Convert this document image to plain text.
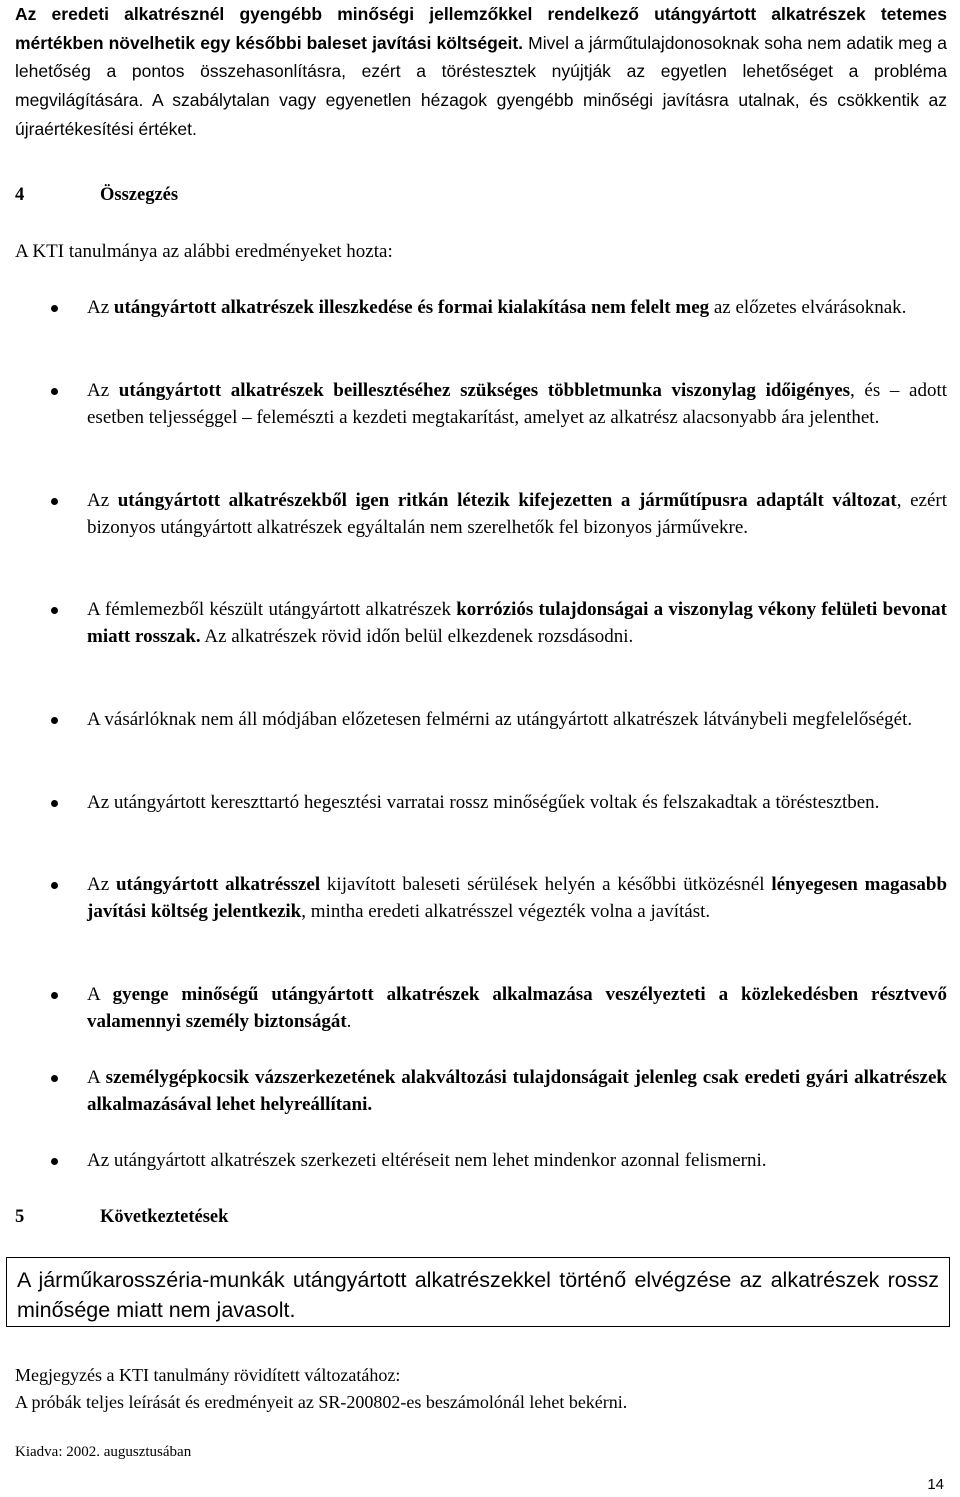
Az eredeti alkatrésznél gyengébb minőségi jellemzőkkel rendelkező utángyártott alkatrészek tetemes mértékben növelhetik egy későbbi baleset javítási költségeit. Mivel a járműtulajdonosoknak soha nem adatik meg a lehetőség a pontos összehasonlításra, ezért a töréstesztek nyújtják az egyetlen lehetőséget a probléma megvilágítására. A szabálytalan vagy egyenetlen hézagok gyengébb minőségi javításra utalnak, és csökkentik az újraértékesítési értéket.

4	Összegzés

A KTI tanulmánya az alábbi eredményeket hozta:

Az utángyártott alkatrészek illeszkedése és formai kialakítása nem felelt meg az előzetes elvárásoknak.
Az utángyártott alkatrészek beillesztéséhez szükséges többletmunka viszonylag időigényes, és – adott esetben teljességgel – felemészti a kezdeti megtakarítást, amelyet az alkatrész alacsonyabb ára jelenthet.
Az utángyártott alkatrészekből igen ritkán létezik kifejezetten a járműtípusra adaptált változat, ezért bizonyos utángyártott alkatrészek egyáltalán nem szerelhetők fel bizonyos járművekre.
A fémlemezből készült utángyártott alkatrészek korróziós tulajdonságai a viszonylag vékony felületi bevonat miatt rosszak. Az alkatrészek rövid időn belül elkezdenek rozsdásodni.
A vásárlóknak nem áll módjában előzetesen felmérni az utángyártott alkatrészek látványbeli megfelelőségét.
Az utángyártott kereszttartó hegesztési varratai rossz minőségűek voltak és felszakadtak a töréstesztben.
Az utángyártott alkatrésszel kijavított baleseti sérülések helyén a későbbi ütközésnél lényegesen magasabb javítási költség jelentkezik, mintha eredeti alkatrésszel végezték volna a javítást.
A gyenge minőségű utángyártott alkatrészek alkalmazása veszélyezteti a közlekedésben résztvevő valamennyi személy biztonságát.
A személygépkocsik vázszerkezetének alakváltozási tulajdonságait jelenleg csak eredeti gyári alkatrészek alkalmazásával lehet helyreállítani.
Az utángyártott alkatrészek szerkezeti eltéréseit nem lehet mindenkor azonnal felismerni.
5	Következtetések

A járműkarosszéria-munkák utángyártott alkatrészekkel történő elvégzése az alkatrészek rossz minősége miatt nem javasolt.

Megjegyzés a KTI tanulmány rövidített változatához:

A próbák teljes leírását és eredményeit az SR-200802-es beszámolónál lehet bekérni.

Kiadva: 2002. augusztusában

14
